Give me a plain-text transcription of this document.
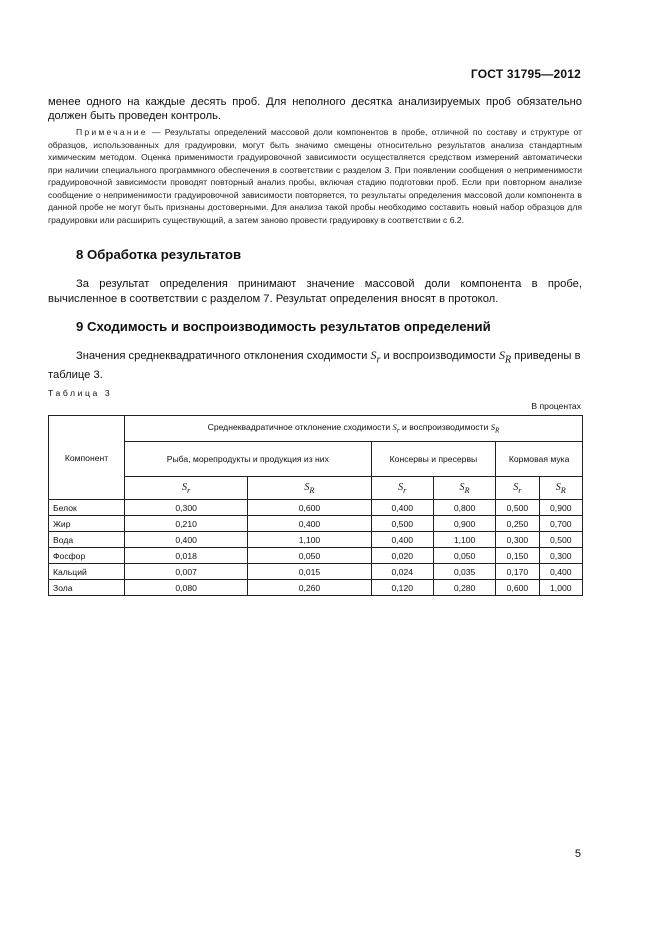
ГОСТ 31795—2012
менее одного на каждые десять проб. Для неполного десятка анализируемых проб обязательно должен быть проведен контроль.
Примечание — Результаты определений массовой доли компонентов в пробе, отличной по составу и структуре от образцов, использованных для градуировки, могут быть значимо смещены относительно результатов анализа стандартным химическим методом. Оценка применимости градуировочной зависимости осуществляется средством измерений автоматически при наличии специального программного обеспечения в соответствии с разделом 3. При появлении сообщения о неприменимости градуировочной зависимости проводят повторный анализ пробы, включая стадию подготовки проб. Если при повторном анализе сообщение о неприменимости градуировочной зависимости повторяется, то результаты определения массовой доли компонента в данной пробе не могут быть признаны достоверными. Для анализа такой пробы необходимо составить новый набор образцов для градуировки или расширить существующий, а затем заново провести градуировку в соответствии с 6.2.
8 Обработка результатов
За результат определения принимают значение массовой доли компонента в пробе, вычисленное в соответствии с разделом 7. Результат определения вносят в протокол.
9 Сходимость и воспроизводимость результатов определений
Значения среднеквадратичного отклонения сходимости $S_r$ и воспроизводимости $S_R$ приведены в таблице 3.
Таблица 3
В процентах
Компонент	Среднеквадратичное отклонение сходимости $S_r$ и воспроизводимости $S_R$
	Рыба, морепродукты и продукция из них		Консервы и пресервы		Кормовая мука	
	$S_r$	$S_R$	$S_r$	$S_R$	$S_r$	$S_R$
Белок	0,300	0,600	0,400	0,800	0,500	0,900
Жир	0,210	0,400	0,500	0,900	0,250	0,700
Вода	0,400	1,100	0,400	1,100	0,300	0,500
Фосфор	0,018	0,050	0,020	0,050	0,150	0,300
Кальций	0,007	0,015	0,024	0,035	0,170	0,400
Зола	0,080	0,260	0,120	0,280	0,600	1,000
5
